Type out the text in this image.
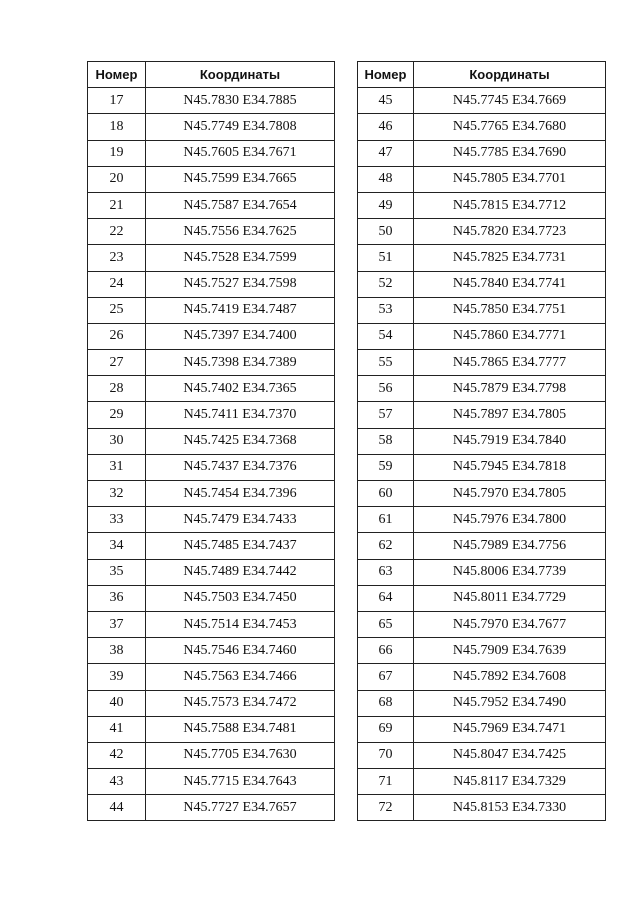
Номер	Координаты
17	N45.7830 E34.7885
18	N45.7749 E34.7808
19	N45.7605 E34.7671
20	N45.7599 E34.7665
21	N45.7587 E34.7654
22	N45.7556 E34.7625
23	N45.7528 E34.7599
24	N45.7527 E34.7598
25	N45.7419 E34.7487
26	N45.7397 E34.7400
27	N45.7398 E34.7389
28	N45.7402 E34.7365
29	N45.7411 E34.7370
30	N45.7425 E34.7368
31	N45.7437 E34.7376
32	N45.7454 E34.7396
33	N45.7479 E34.7433
34	N45.7485 E34.7437
35	N45.7489 E34.7442
36	N45.7503 E34.7450
37	N45.7514 E34.7453
38	N45.7546 E34.7460
39	N45.7563 E34.7466
40	N45.7573 E34.7472
41	N45.7588 E34.7481
42	N45.7705 E34.7630
43	N45.7715 E34.7643
44	N45.7727 E34.7657
Номер	Координаты
45	N45.7745 E34.7669
46	N45.7765 E34.7680
47	N45.7785 E34.7690
48	N45.7805 E34.7701
49	N45.7815 E34.7712
50	N45.7820 E34.7723
51	N45.7825 E34.7731
52	N45.7840 E34.7741
53	N45.7850 E34.7751
54	N45.7860 E34.7771
55	N45.7865 E34.7777
56	N45.7879 E34.7798
57	N45.7897 E34.7805
58	N45.7919 E34.7840
59	N45.7945 E34.7818
60	N45.7970 E34.7805
61	N45.7976 E34.7800
62	N45.7989 E34.7756
63	N45.8006 E34.7739
64	N45.8011 E34.7729
65	N45.7970 E34.7677
66	N45.7909 E34.7639
67	N45.7892 E34.7608
68	N45.7952 E34.7490
69	N45.7969 E34.7471
70	N45.8047 E34.7425
71	N45.8117 E34.7329
72	N45.8153 E34.7330
